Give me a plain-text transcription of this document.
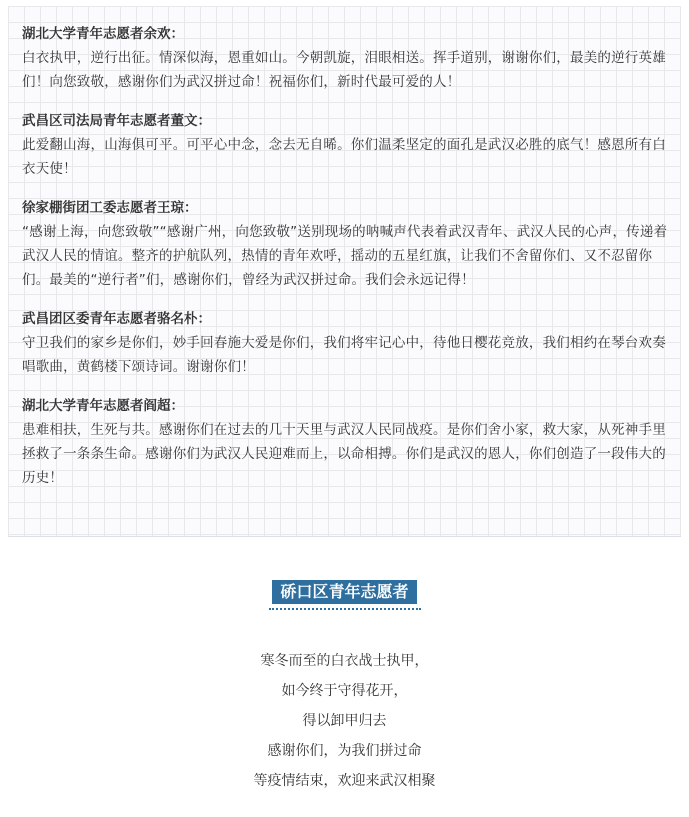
湖北大学青年志愿者余欢：
白衣执甲，逆行出征。情深似海，恩重如山。今朝凯旋，泪眼相送。挥手道别，谢谢你们，最美的逆行英雄们！向您致敬，感谢你们为武汉拼过命！祝福你们，新时代最可爱的人！
武昌区司法局青年志愿者董文：
此爱翻山海，山海俱可平。可平心中念，念去无自晞。你们温柔坚定的面孔是武汉必胜的底气！感恩所有白衣天使！
徐家棚街团工委志愿者王琼：
“感谢上海，向您致敬”“感谢广州，向您致敬”送别现场的呐喊声代表着武汉青年、武汉人民的心声，传递着武汉人民的情谊。整齐的护航队列，热情的青年欢呼，摇动的五星红旗，让我们不舍留你们、又不忍留你们。最美的“逆行者”们，感谢你们，曾经为武汉拼过命。我们会永远记得！
武昌团区委青年志愿者骆名朴：
守卫我们的家乡是你们，妙手回春施大爱是你们，我们将牢记心中，待他日樱花竞放，我们相约在琴台欢奏唱歌曲，黄鹤楼下颂诗词。谢谢你们！
湖北大学青年志愿者阎超：
患难相扶，生死与共。感谢你们在过去的几十天里与武汉人民同战疫。是你们舍小家，救大家，从死神手里拯救了一条条生命。感谢你们为武汉人民迎难而上，以命相搏。你们是武汉的恩人，你们创造了一段伟大的历史！
硚口区青年志愿者
寒冬而至的白衣战士执甲，
如今终于守得花开，
得以卸甲归去
感谢你们，为我们拼过命
等疫情结束，欢迎来武汉相聚
